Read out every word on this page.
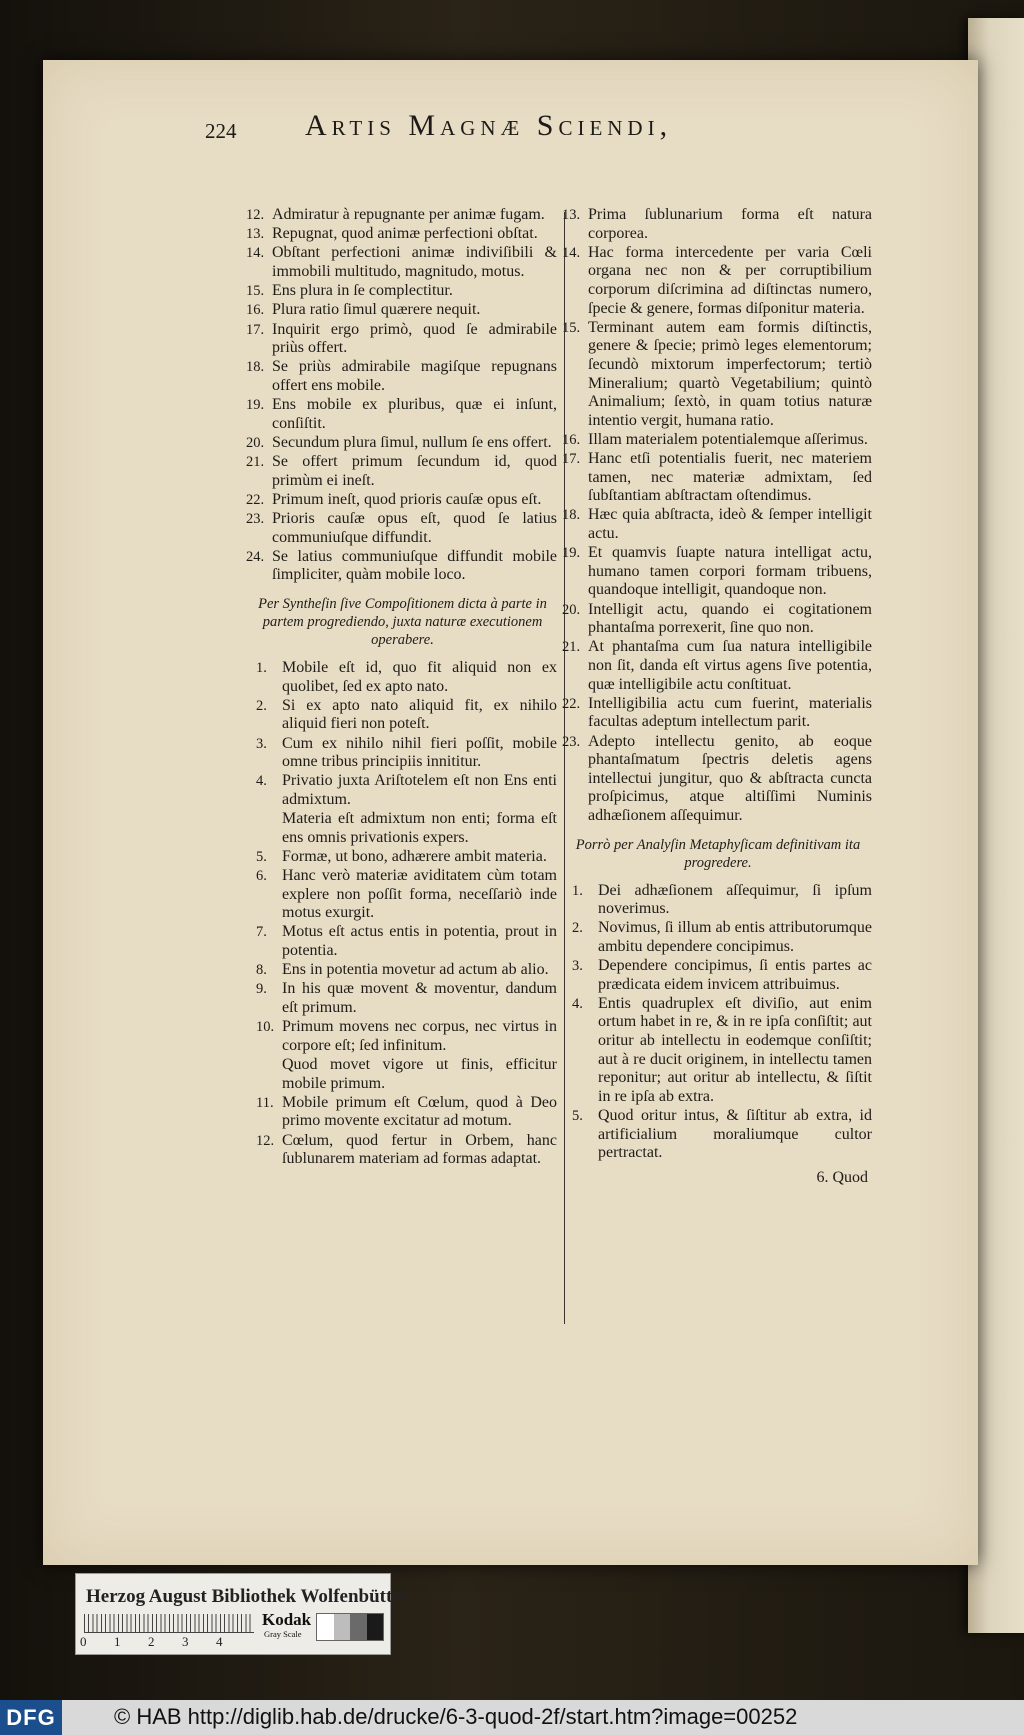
224 Artis Magnæ Sciendi,
12. Admiratur à repugnante per animæ fugam.
13. Repugnat, quod animæ perfectioni obſtat.
14. Obſtant perfectioni animæ indiviſibili & immobili multitudo, magnitudo, motus.
15. Ens plura in ſe complectitur.
16. Plura ratio ſimul quærere nequit.
17. Inquirit ergo primò, quod ſe admirabile priùs offert.
18. Se priùs admirabile magiſque repugnans offert ens mobile.
19. Ens mobile ex pluribus, quæ ei inſunt, conſiſtit.
20. Secundum plura ſimul, nullum ſe ens offert.
21. Se offert primum ſecundum id, quod primùm ei ineſt.
22. Primum ineſt, quod prioris cauſæ opus eſt.
23. Prioris cauſæ opus eſt, quod ſe latius communiuſque diffundit.
24. Se latius communiuſque diffundit mobile ſimpliciter, quàm mobile loco.
Per Syntheſin ſive Compoſitionem dicta à parte in partem progrediendo, juxta naturæ executionem operabere.
1. Mobile eſt id, quo fit aliquid non ex quolibet, ſed ex apto nato.
2. Si ex apto nato aliquid fit, ex nihilo aliquid fieri non poteſt.
3. Cum ex nihilo nihil fieri poſſit, mobile omne tribus principiis innititur.
4. Privatio juxta Ariſtotelem eſt non Ens enti admixtum.
Materia eſt admixtum non enti; forma eſt ens omnis privationis expers.
5. Formæ, ut bono, adhærere ambit materia.
6. Hanc verò materiæ aviditatem cùm totam explere non poſſit forma, neceſſariò inde motus exurgit.
7. Motus eſt actus entis in potentia, prout in potentia.
8. Ens in potentia movetur ad actum ab alio.
9. In his quæ movent & moventur, dandum eſt primum.
10. Primum movens nec corpus, nec virtus in corpore eſt; ſed infinitum.
Quod movet vigore ut finis, efficitur mobile primum.
11. Mobile primum eſt Cœlum, quod à Deo primo movente excitatur ad motum.
12. Cœlum, quod fertur in Orbem, hanc ſublunarem materiam ad formas adaptat.
13. Prima ſublunarium forma eſt natura corporea.
14. Hac forma intercedente per varia Cœli organa nec non & per corruptibilium corporum diſcrimina ad diſtinctas numero, ſpecie & genere, formas diſponitur materia.
15. Terminant autem eam formis diſtinctis, genere & ſpecie; primò leges elementorum; ſecundò mixtorum imperfectorum; tertiò Mineralium; quartò Vegetabilium; quintò Animalium; ſextò, in quam totius naturæ intentio vergit, humana ratio.
16. Illam materialem potentialemque aſſerimus.
17. Hanc etſi potentialis fuerit, nec materiem tamen, nec materiæ admixtam, ſed ſubſtantiam abſtractam oſtendimus.
18. Hæc quia abſtracta, ideò & ſemper intelligit actu.
19. Et quamvis ſuapte natura intelligat actu, humano tamen corpori formam tribuens, quandoque intelligit, quandoque non.
20. Intelligit actu, quando ei cogitationem phantaſma porrexerit, ſine quo non.
21. At phantaſma cum ſua natura intelligibile non ſit, danda eſt virtus agens ſive potentia, quæ intelligibile actu conſtituat.
22. Intelligibilia actu cum fuerint, materialis facultas adeptum intellectum parit.
23. Adepto intellectu genito, ab eoque phantaſmatum ſpectris deletis agens intellectui jungitur, quo & abſtracta cuncta proſpicimus, atque altiſſimi Numinis adhæſionem aſſequimur.
Porrò per Analyſin Metaphyſicam definitivam ita progredere.
1. Dei adhæſionem aſſequimur, ſi ipſum noverimus.
2. Novimus, ſi illum ab entis attributorumque ambitu dependere concipimus.
3. Dependere concipimus, ſi entis partes ac prædicata eidem invicem attribuimus.
4. Entis quadruplex eſt diviſio, aut enim ortum habet in re, & in re ipſa conſiſtit; aut oritur ab intellectu in eodemque conſiſtit; aut à re ducit originem, in intellectu tamen reponitur; aut oritur ab intellectu, & ſiſtit in re ipſa ab extra.
5. Quod oritur intus, & ſiſtitur ab extra, id artificialium moraliumque cultor pertractat.
6. Quod
Herzog August Bibliothek Wolfenbüttel
0 1 2 3 4
Kodak
Gray Scale
DFG	© HAB http://diglib.hab.de/drucke/6-3-quod-2f/start.htm?image=00252
